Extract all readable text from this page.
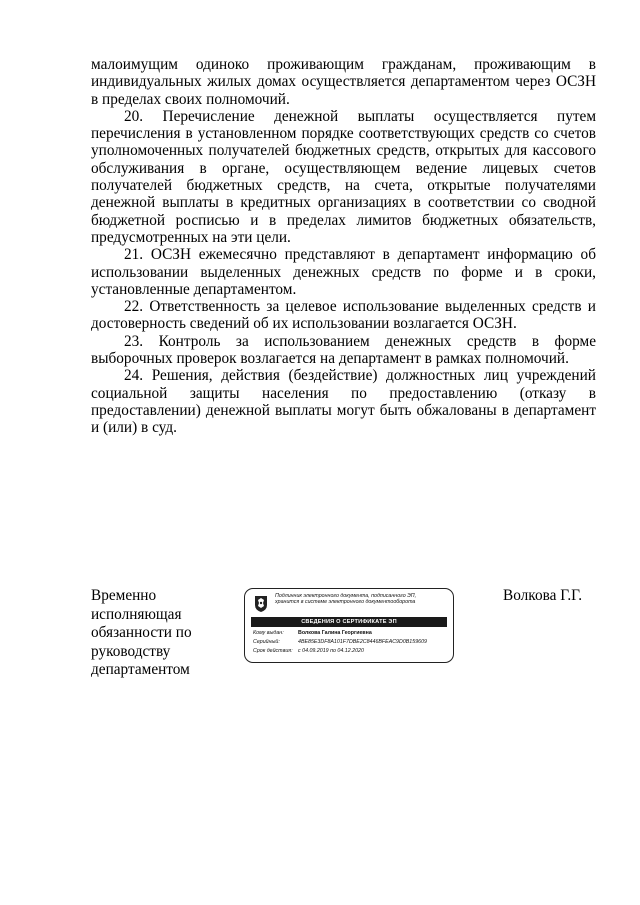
малоимущим одиноко проживающим гражданам, проживающим в индивидуальных жилых домах осуществляется департаментом через ОСЗН в пределах своих полномочий.

20. Перечисление денежной выплаты осуществляется путем перечисления в установленном порядке соответствующих средств со счетов уполномоченных получателей бюджетных средств, открытых для кассового обслуживания в органе, осуществляющем ведение лицевых счетов получателей бюджетных средств, на счета, открытые получателями денежной выплаты в кредитных организациях в соответствии со сводной бюджетной росписью и в пределах лимитов бюджетных обязательств, предусмотренных на эти цели.

21. ОСЗН ежемесячно представляют в департамент информацию об использовании выделенных денежных средств по форме и в сроки, установленные департаментом.

22. Ответственность за целевое использование выделенных средств и достоверность сведений об их использовании возлагается ОСЗН.

23. Контроль за использованием денежных средств в форме выборочных проверок возлагается на департамент в рамках полномочий.

24. Решения, действия (бездействие) должностных лиц учреждений социальной защиты населения по предоставлению (отказу в предоставлении) денежной выплаты могут быть обжалованы в департамент и (или) в суд.

Временно
исполняющая
обязанности по
руководству
департаментом
Подлинник электронного документа, подписанного ЭП,
хранится в системе электронного документооборота
СВЕДЕНИЯ О СЕРТИФИКАТЕ ЭП
Кому выдан:	Волкова Галина Георгиевна
Серийный:	4BE85E3DF8A101F7DBE2C8446BFEAC9D0B159609
Срок действия: с 04.09.2019 по 04.12.2020
Волкова Г.Г.
